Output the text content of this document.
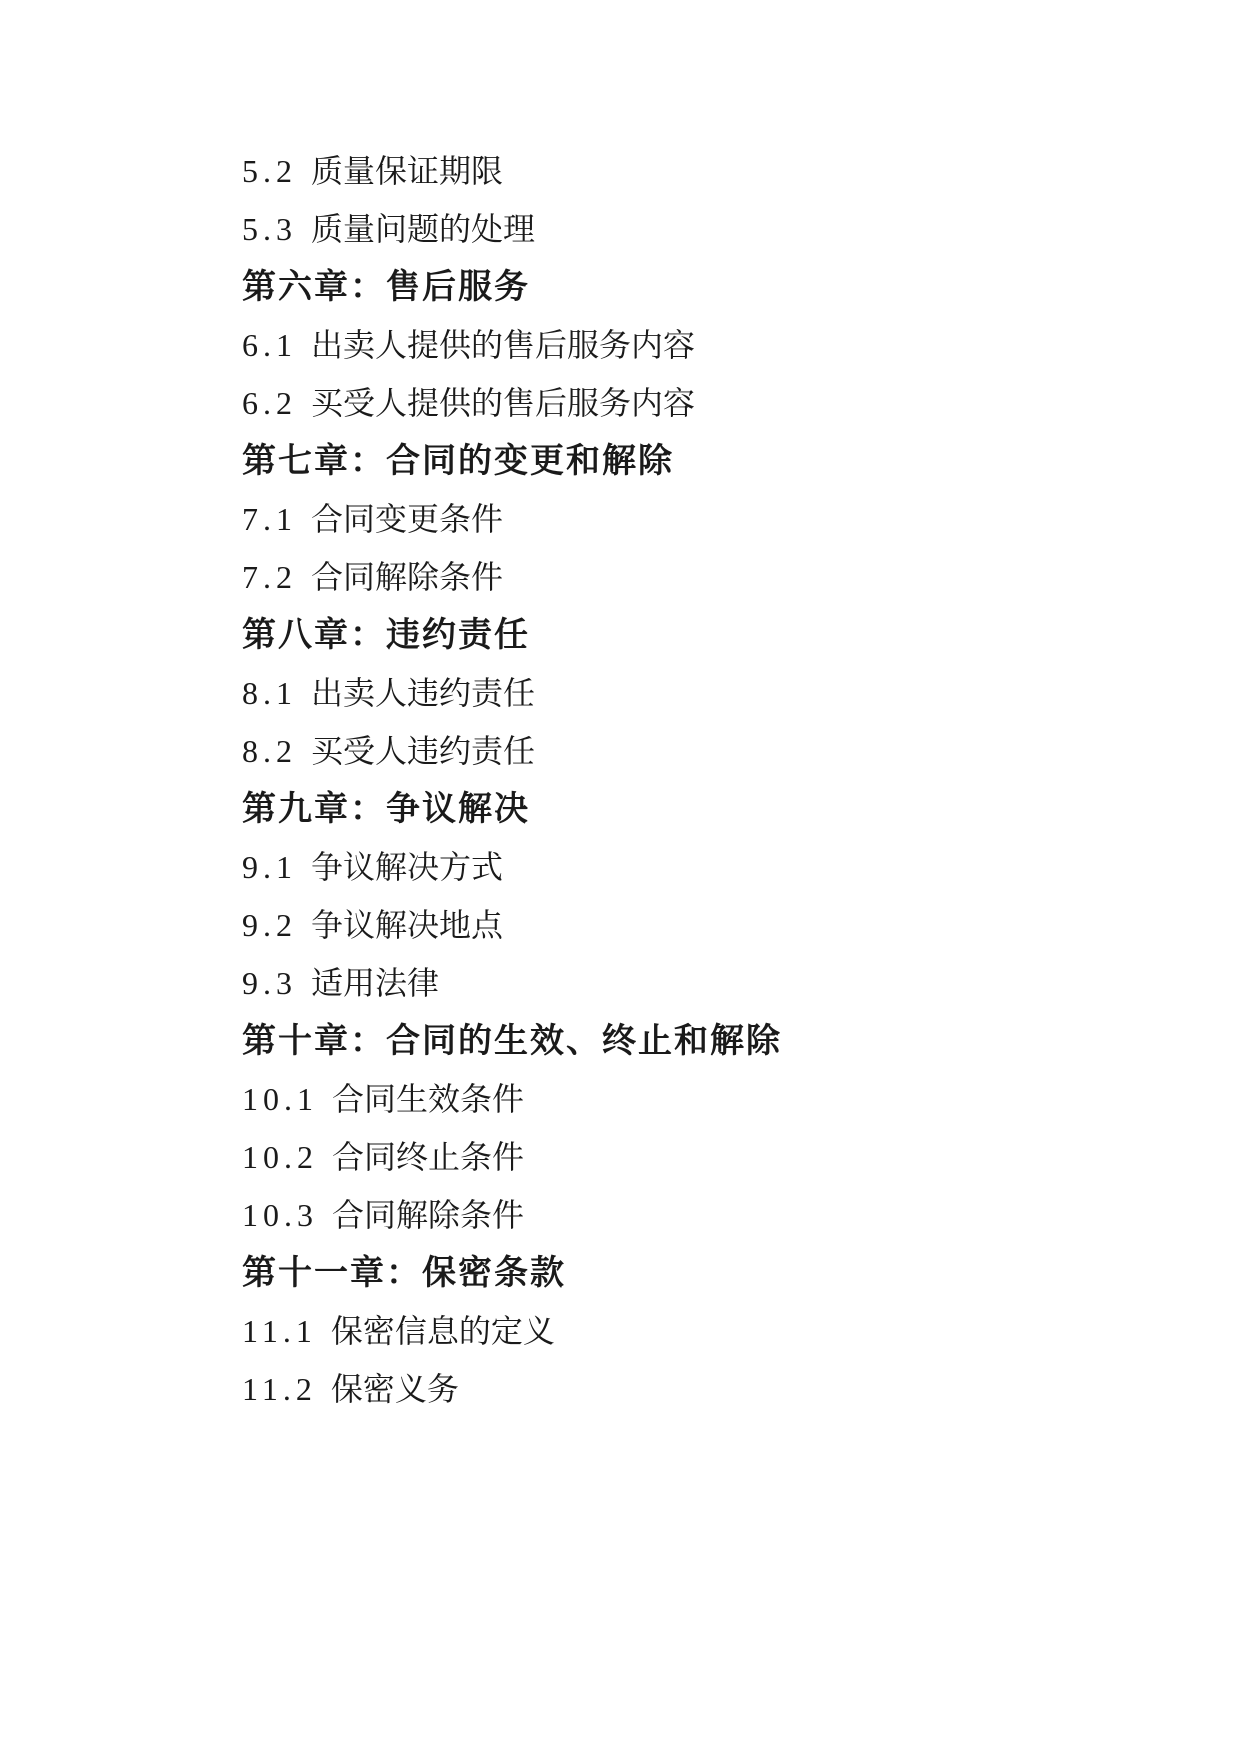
5.2 质量保证期限
5.3 质量问题的处理
第六章：售后服务
6.1 出卖人提供的售后服务内容
6.2 买受人提供的售后服务内容
第七章：合同的变更和解除
7.1 合同变更条件
7.2 合同解除条件
第八章：违约责任
8.1 出卖人违约责任
8.2 买受人违约责任
第九章：争议解决
9.1 争议解决方式
9.2 争议解决地点
9.3 适用法律
第十章：合同的生效、终止和解除
10.1 合同生效条件
10.2 合同终止条件
10.3 合同解除条件
第十一章：保密条款
11.1 保密信息的定义
11.2 保密义务
